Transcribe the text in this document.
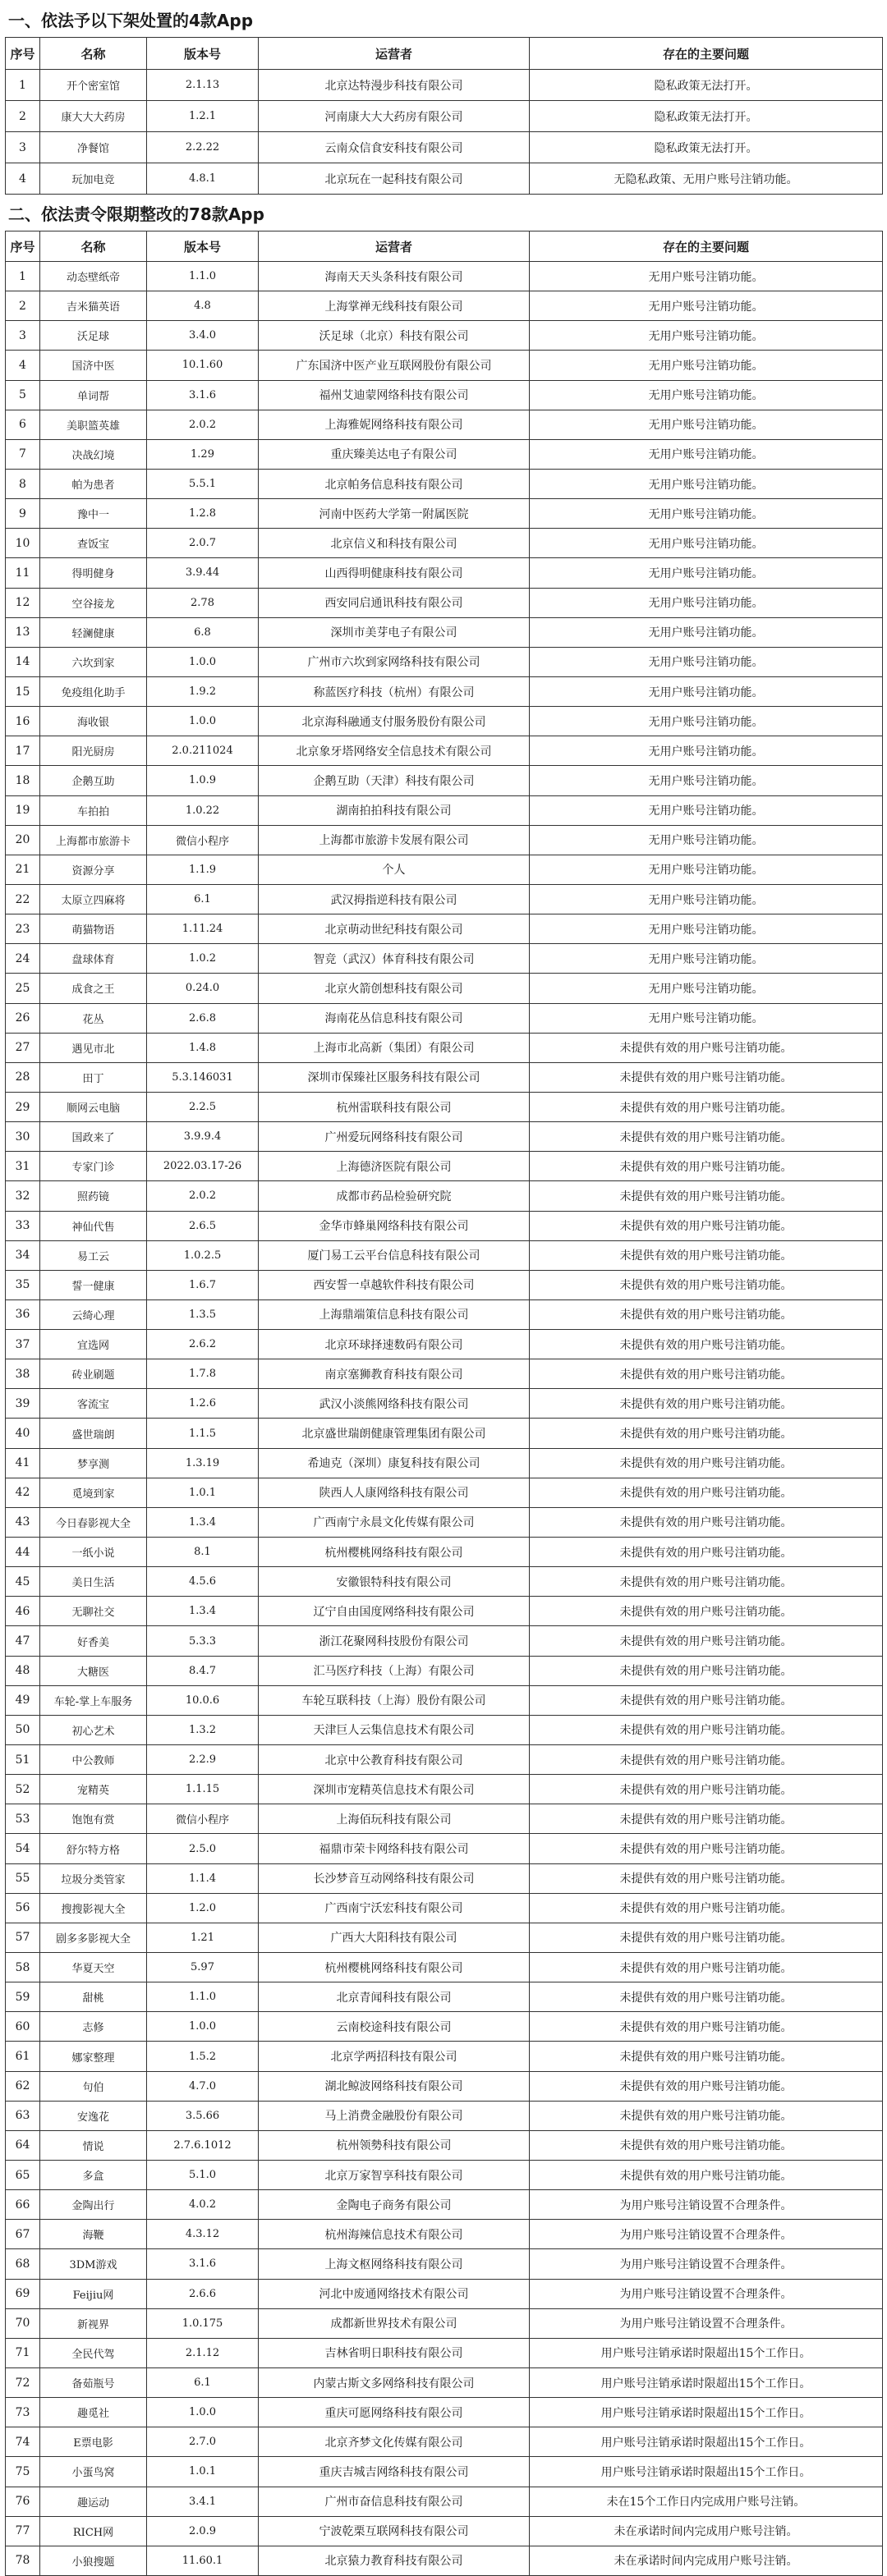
一、依法予以下架处置的4款App
序号	名称	版本号	运营者	存在的主要问题
1	开个密室馆	2.1.13	北京达特漫步科技有限公司	隐私政策无法打开。
2	康大大大药房	1.2.1	河南康大大大药房有限公司	隐私政策无法打开。
3	净餐馆	2.2.22	云南众信食安科技有限公司	隐私政策无法打开。
4	玩加电竞	4.8.1	北京玩在一起科技有限公司	无隐私政策、无用户账号注销功能。
二、依法责令限期整改的78款App
序号	名称	版本号	运营者	存在的主要问题
1	动态壁纸帝	1.1.0	海南天天头条科技有限公司	无用户账号注销功能。
2	吉米猫英语	4.8	上海掌禅无线科技有限公司	无用户账号注销功能。
3	沃足球	3.4.0	沃足球（北京）科技有限公司	无用户账号注销功能。
4	国济中医	10.1.60	广东国济中医产业互联网股份有限公司	无用户账号注销功能。
5	单词帮	3.1.6	福州艾迪蒙网络科技有限公司	无用户账号注销功能。
6	美职篮英雄	2.0.2	上海雅妮网络科技有限公司	无用户账号注销功能。
7	决战幻境	1.29	重庆臻美达电子有限公司	无用户账号注销功能。
8	帕为患者	5.5.1	北京帕务信息科技有限公司	无用户账号注销功能。
9	豫中一	1.2.8	河南中医药大学第一附属医院	无用户账号注销功能。
10	查饭宝	2.0.7	北京信义和科技有限公司	无用户账号注销功能。
11	得明健身	3.9.44	山西得明健康科技有限公司	无用户账号注销功能。
12	空谷接龙	2.78	西安同启通讯科技有限公司	无用户账号注销功能。
13	轻澜健康	6.8	深圳市美芽电子有限公司	无用户账号注销功能。
14	六坎到家	1.0.0	广州市六坎到家网络科技有限公司	无用户账号注销功能。
15	免疫组化助手	1.9.2	称蓝医疗科技（杭州）有限公司	无用户账号注销功能。
16	海收银	1.0.0	北京海科融通支付服务股份有限公司	无用户账号注销功能。
17	阳光厨房	2.0.211024	北京象牙塔网络安全信息技术有限公司	无用户账号注销功能。
18	企鹅互助	1.0.9	企鹅互助（天津）科技有限公司	无用户账号注销功能。
19	车拍拍	1.0.22	湖南拍拍科技有限公司	无用户账号注销功能。
20	上海都市旅游卡	微信小程序	上海都市旅游卡发展有限公司	无用户账号注销功能。
21	资源分享	1.1.9	个人	无用户账号注销功能。
22	太原立四麻将	6.1	武汉拇指逆科技有限公司	无用户账号注销功能。
23	萌猫物语	1.11.24	北京萌动世纪科技有限公司	无用户账号注销功能。
24	盘球体育	1.0.2	智竞（武汉）体育科技有限公司	无用户账号注销功能。
25	成食之王	0.24.0	北京火箭创想科技有限公司	无用户账号注销功能。
26	花丛	2.6.8	海南花丛信息科技有限公司	无用户账号注销功能。
27	遇见市北	1.4.8	上海市北高新（集团）有限公司	未提供有效的用户账号注销功能。
28	田丁	5.3.146031	深圳市保臻社区服务科技有限公司	未提供有效的用户账号注销功能。
29	顺网云电脑	2.2.5	杭州雷联科技有限公司	未提供有效的用户账号注销功能。
30	国政来了	3.9.9.4	广州爱玩网络科技有限公司	未提供有效的用户账号注销功能。
31	专家门诊	2022.03.17-26	上海德济医院有限公司	未提供有效的用户账号注销功能。
32	照药镜	2.0.2	成都市药品检验研究院	未提供有效的用户账号注销功能。
33	神仙代售	2.6.5	金华市蜂巢网络科技有限公司	未提供有效的用户账号注销功能。
34	易工云	1.0.2.5	厦门易工云平台信息科技有限公司	未提供有效的用户账号注销功能。
35	誓一健康	1.6.7	西安誓一卓越软件科技有限公司	未提供有效的用户账号注销功能。
36	云绮心理	1.3.5	上海鼎端策信息科技有限公司	未提供有效的用户账号注销功能。
37	宜选网	2.6.2	北京环球择速数码有限公司	未提供有效的用户账号注销功能。
38	砖业刷题	1.7.8	南京塞狮教育科技有限公司	未提供有效的用户账号注销功能。
39	客流宝	1.2.6	武汉小淡熊网络科技有限公司	未提供有效的用户账号注销功能。
40	盛世瑞朗	1.1.5	北京盛世瑞朗健康管理集团有限公司	未提供有效的用户账号注销功能。
41	梦享测	1.3.19	希迪克（深圳）康复科技有限公司	未提供有效的用户账号注销功能。
42	觅境到家	1.0.1	陕西人人康网络科技有限公司	未提供有效的用户账号注销功能。
43	今日春影视大全	1.3.4	广西南宁永晨文化传媒有限公司	未提供有效的用户账号注销功能。
44	一纸小说	8.1	杭州樱桃网络科技有限公司	未提供有效的用户账号注销功能。
45	美日生活	4.5.6	安徽银特科技有限公司	未提供有效的用户账号注销功能。
46	无聊社交	1.3.4	辽宁自由国度网络科技有限公司	未提供有效的用户账号注销功能。
47	好香美	5.3.3	浙江花聚网科技股份有限公司	未提供有效的用户账号注销功能。
48	大糖医	8.4.7	汇马医疗科技（上海）有限公司	未提供有效的用户账号注销功能。
49	车轮-掌上车服务	10.0.6	车轮互联科技（上海）股份有限公司	未提供有效的用户账号注销功能。
50	初心艺术	1.3.2	天津巨人云集信息技术有限公司	未提供有效的用户账号注销功能。
51	中公教师	2.2.9	北京中公教育科技有限公司	未提供有效的用户账号注销功能。
52	宠精英	1.1.15	深圳市宠精英信息技术有限公司	未提供有效的用户账号注销功能。
53	饱饱有赏	微信小程序	上海佰玩科技有限公司	未提供有效的用户账号注销功能。
54	舒尔特方格	2.5.0	福鼎市荣卡网络科技有限公司	未提供有效的用户账号注销功能。
55	垃圾分类管家	1.1.4	长沙梦音互动网络科技有限公司	未提供有效的用户账号注销功能。
56	搜搜影视大全	1.2.0	广西南宁沃宏科技有限公司	未提供有效的用户账号注销功能。
57	剧多多影视大全	1.21	广西大大阳科技有限公司	未提供有效的用户账号注销功能。
58	华夏天空	5.97	杭州樱桃网络科技有限公司	未提供有效的用户账号注销功能。
59	甜桃	1.1.0	北京青闻科技有限公司	未提供有效的用户账号注销功能。
60	志修	1.0.0	云南校途科技有限公司	未提供有效的用户账号注销功能。
61	娜家整理	1.5.2	北京学两招科技有限公司	未提供有效的用户账号注销功能。
62	句伯	4.7.0	湖北鲸波网络科技有限公司	未提供有效的用户账号注销功能。
63	安逸花	3.5.66	马上消费金融股份有限公司	未提供有效的用户账号注销功能。
64	情说	2.7.6.1012	杭州领勢科技有限公司	未提供有效的用户账号注销功能。
65	多盒	5.1.0	北京万家智享科技有限公司	未提供有效的用户账号注销功能。
66	金陶出行	4.0.2	金陶电子商务有限公司	为用户账号注销设置不合理条件。
67	海鞭	4.3.12	杭州海辣信息技术有限公司	为用户账号注销设置不合理条件。
68	3DM游戏	3.1.6	上海文枢网络科技有限公司	为用户账号注销设置不合理条件。
69	Feijiu网	2.6.6	河北中废通网络技术有限公司	为用户账号注销设置不合理条件。
70	新视界	1.0.175	成都新世界技术有限公司	为用户账号注销设置不合理条件。
71	全民代驾	2.1.12	吉林省明日职科技有限公司	用户账号注销承诺时限超出15个工作日。
72	备茹瓶号	6.1	内蒙古斯文多网络科技有限公司	用户账号注销承诺时限超出15个工作日。
73	趣觅社	1.0.0	重庆可愿网络科技有限公司	用户账号注销承诺时限超出15个工作日。
74	E票电影	2.7.0	北京齐梦文化传媒有限公司	用户账号注销承诺时限超出15个工作日。
75	小蛋鸟窝	1.0.1	重庆吉城吉网络科技有限公司	用户账号注销承诺时限超出15个工作日。
76	趣运动	3.4.1	广州市奋信息科技有限公司	未在15个工作日内完成用户账号注销。
77	RICH网	2.0.9	宁波乾栗互联网科技有限公司	未在承诺时间内完成用户账号注销。
78	小狼搜题	11.60.1	北京猿力教育科技有限公司	未在承诺时间内完成用户账号注销。
